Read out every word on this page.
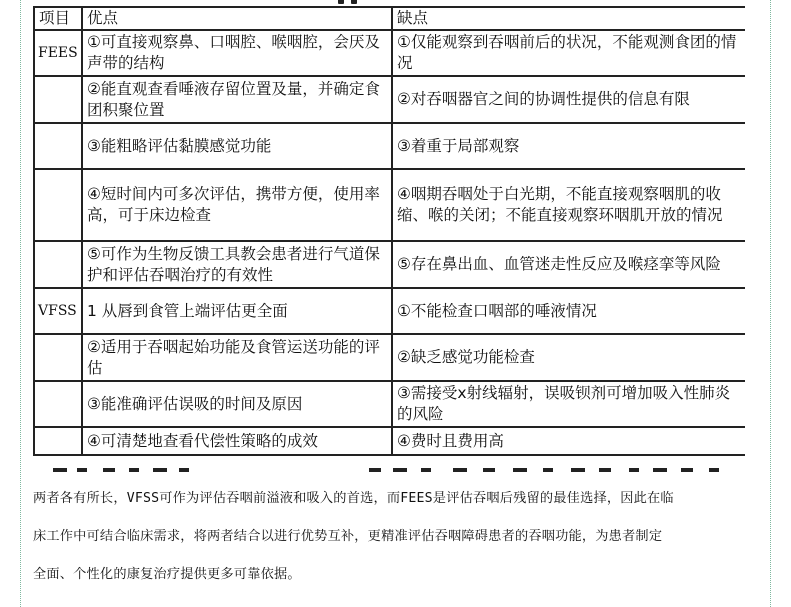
项目	优点	缺点
FEES	①可直接观察鼻、口咽腔、喉咽腔，会厌及声带的结构	①仅能观察到吞咽前后的状况，不能观测食团的情况
	②能直观查看唾液存留位置及量，并确定食团积聚位置	②对吞咽器官之间的协调性提供的信息有限
	③能粗略评估黏膜感觉功能	③着重于局部观察
	④短时间内可多次评估，携带方便，使用率高，可于床边检查	④咽期吞咽处于白光期，不能直接观察咽肌的收缩、喉的关闭；不能直接观察环咽肌开放的情况
	⑤可作为生物反馈工具教会患者进行气道保护和评估吞咽治疗的有效性	⑤存在鼻出血、血管迷走性反应及喉痉挛等风险
VFSS	1 从唇到食管上端评估更全面	①不能检查口咽部的唾液情况
	②适用于吞咽起始功能及食管运送功能的评估	②缺乏感觉功能检查
	③能准确评估误吸的时间及原因	③需接受x射线辐射，误吸钡剂可增加吸入性肺炎的风险
	④可清楚地查看代偿性策略的成效	④费时且费用高

两者各有所长，VFSS可作为评估吞咽前溢液和吸入的首选，而FEES是评估吞咽后残留的最佳选择，因此在临

床工作中可结合临床需求，将两者结合以进行优势互补，更精准评估吞咽障碍患者的吞咽功能，为患者制定

全面、个性化的康复治疗提供更多可靠依据。
